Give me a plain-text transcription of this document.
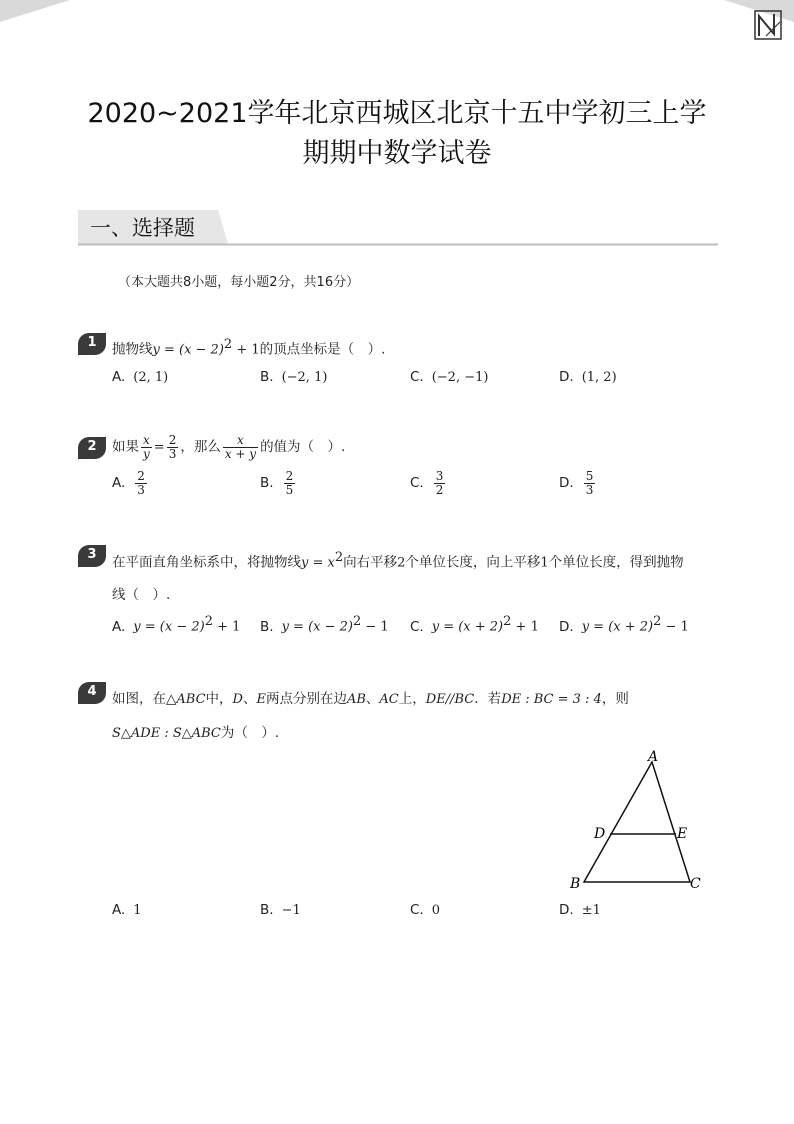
2020~2021学年北京西城区北京十五中学初三上学
期期中数学试卷
一、选择题
（本大题共8小题，每小题2分，共16分）
1	抛物线$y = (x - 2)^2 + 1$的顶点坐标是（　）.
A. (2, 1)	B. (−2, 1)	C. (−2, −1)	D. (1, 2)
2	如果 $\frac{x}{y} = \frac{2}{3}$ ，那么 $\frac{x}{x + y}$ 的值为（　）.
A. $\frac{2}{3}$	B. $\frac{2}{5}$	C. $\frac{3}{2}$	D. $\frac{5}{3}$
3	在平面直角坐标系中，将抛物线$y = x^2$向右平移2个单位长度，向上平移1个单位长度，得到抛物
线（　）.
A. $y = (x - 2)^2 + 1$ B. $y = (x - 2)^2 - 1$ C. $y = (x + 2)^2 + 1$ D. $y = (x + 2)^2 - 1$
4	如图，在△ABC中，D、E两点分别在边AB、AC上，DE//BC．若DE : BC = 3 : 4，则
S△ADE : S△ABC为（　）.
A
B	C
D	E
A. 1	B. −1	C. 0	D. ±1
